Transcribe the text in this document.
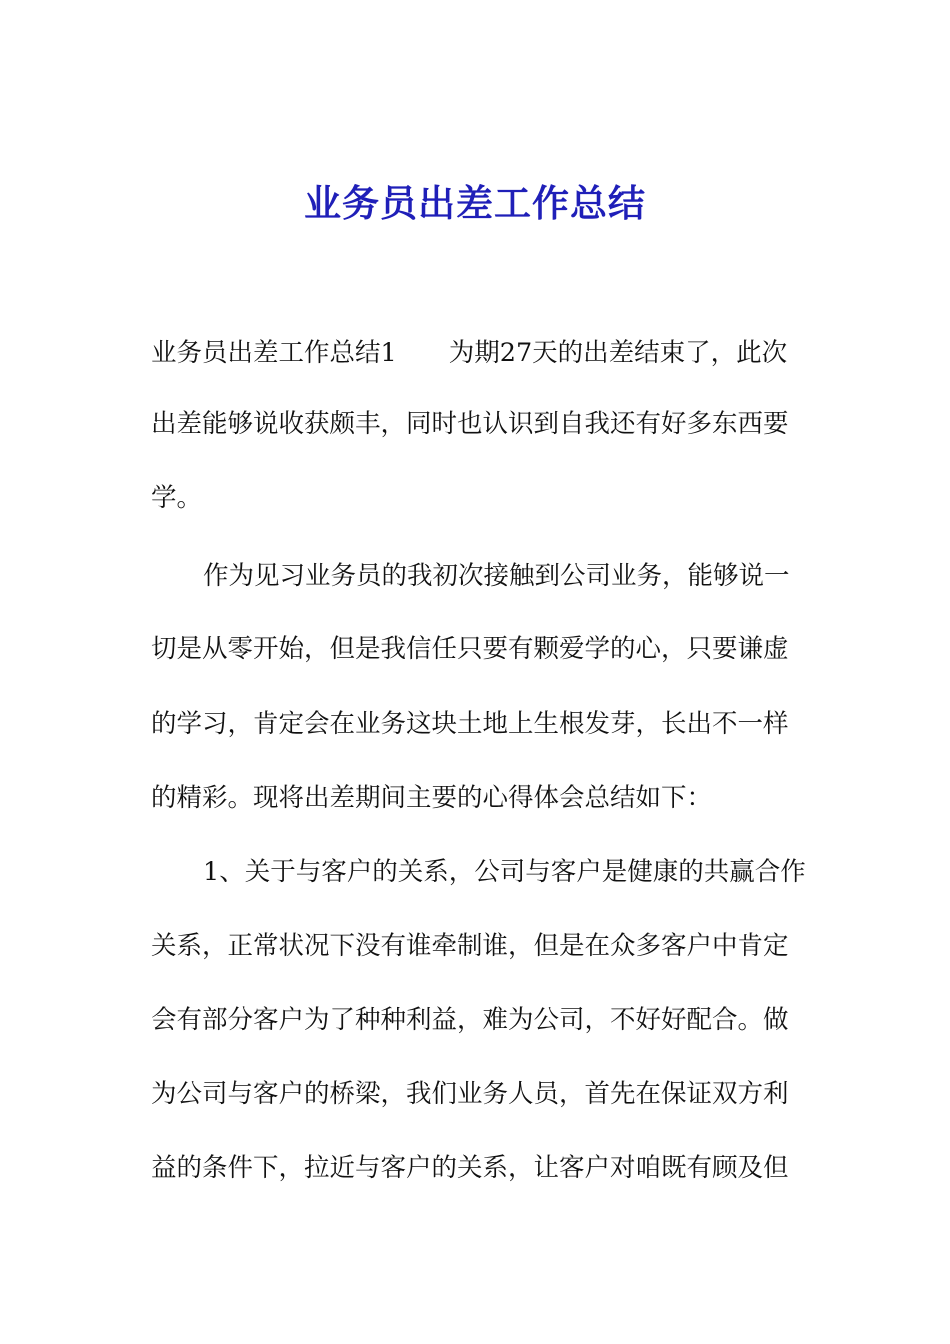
业务员出差工作总结
业务员出差工作总结1 为期27天的出差结束了，此次
出差能够说收获颇丰，同时也认识到自我还有好多东西要
学。
作为见习业务员的我初次接触到公司业务，能够说一
切是从零开始，但是我信任只要有颗爱学的心，只要谦虚
的学习，肯定会在业务这块土地上生根发芽，长出不一样
的精彩。现将出差期间主要的心得体会总结如下：
1、关于与客户的关系，公司与客户是健康的共赢合作
关系，正常状况下没有谁牵制谁，但是在众多客户中肯定
会有部分客户为了种种利益，难为公司，不好好配合。做
为公司与客户的桥梁，我们业务人员，首先在保证双方利
益的条件下，拉近与客户的关系，让客户对咱既有顾及但
